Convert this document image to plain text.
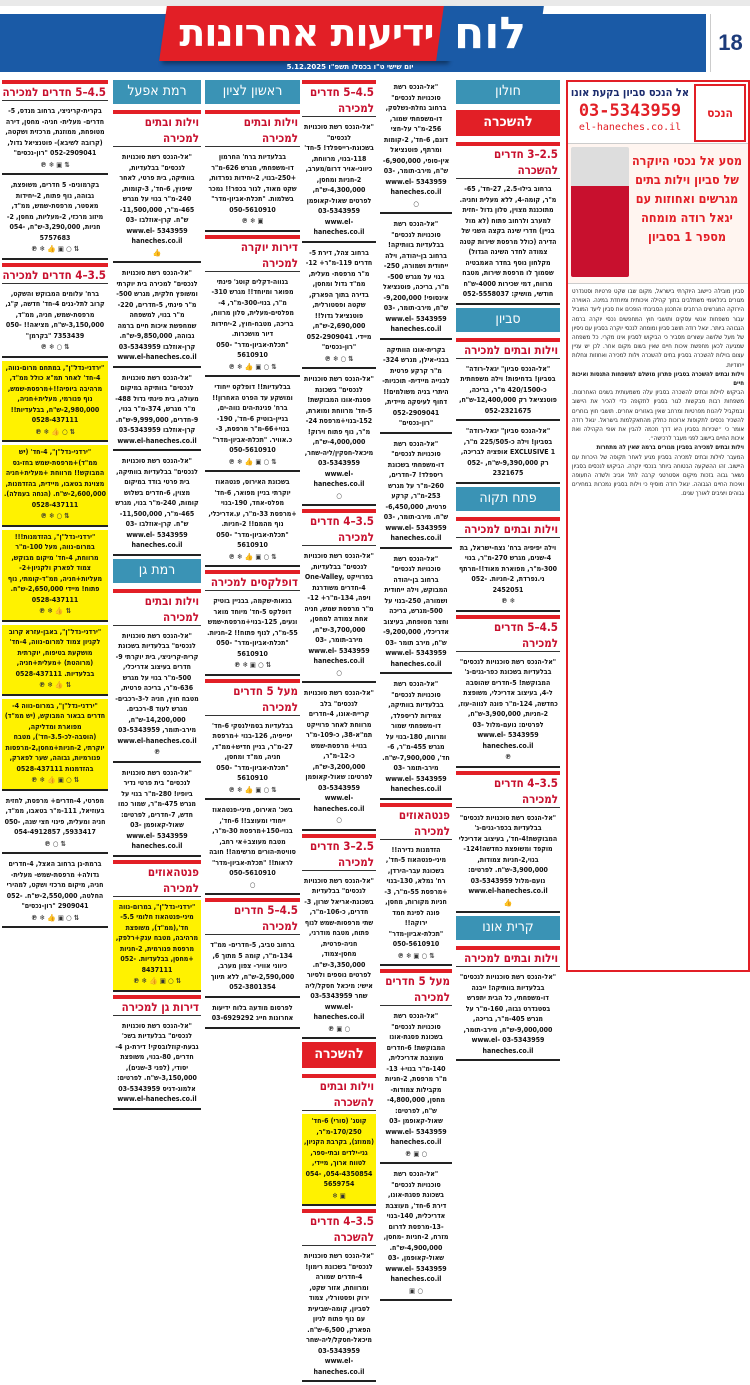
18
ידיעות אחרונות לוח
יום שישי ט"ו בכסלו תשפ"ו 5.12.2025
הנכס
אל הנכס סביון בקעת אונו
03-5343959
el-haneches.co.il
מסע אל נכסי היוקרה של סביון וילות בתים מגרשים ואחוזות עם יגאל רודה מומחה מספר 1 בסביון
סביון מובילה כיישוב היוקרתי בישראל, מקום שבו שקט פרטיות וסטנדרט מגורים בינלאומי משתלבים בתוך קהילה איכותית ומיוחדת במינה. האווירה הירוקה המגרשים הרחבים והתכנון הסביבתי הופכים את סביון ליעד המוביל עבור משפחות אנשי עסקים ותושבי חוץ המחפשים נכסי יוקרה ברמה הגבוהה ביותר. יגאל רודה תושב סביון ומומחה לנכסי יוקרה בסביון עם ניסיון של מעל שלושה עשורים מסביר כי הביקוש לסביון אינו מקרי. כל משפחה שמגיעה לכאן מחפשת איכות חיים שאין בשום מקום אחר. לכן יש עניין עצום בוילות להשכרה בסביון בתים להשכרה וילות למכירה ואחוזות ונחלות ייחודיות.
וילות ובתים להשכרה בסביון פתרון מושלם למשפחות התנסות ואיכות חיים
הביקוש לוילות ובתים להשכרה בסביון עלה משמעותית בשנים האחרונות. משפחות רבות מבקשות לגור בסביון לתקופה כדי להכיר את היישוב ובמקביל ליהנות מפרטיות ומרחב שאין באזורים אחרים. תושבי חוץ בוחרים להשכיר נכסים לתקופות ארוכות כחלק מהתאקלמות בישראל. יגאל רודה אומר כי ״שכירות בסביון היא דרך חכמה להבין את אופי הקהילה ואת איכות החיים ביישוב לפני מעבר לרכישה״.
וילות ובתים למכירה בסביון מגורים ברמה שאין לה מתחרות
המעבר לוילות ובתים למכירה בסביון מגיע לאחר תקופה של היכרות עם היישוב. זהו ההשקעה הבטוחה ביותר בנכסי יוקרה. הביקוש לנכסים בסביון נשאר גבוה בזכות מיקום אסטרטגי קרבה לתל אביב ולשדה התעופה ואיכות החיים הגבוהה. יגאל רודה מוסיף כי וילות בסביון נמכרות במחירים גבוהים ויציבים לאורך שנים.
חולון
להשכרה
2.5–3 חדרים להשכרה

ברחוב בילו-2.5, 27-חד', 65-מ"ר, קומה-4, ללא מעלית וחניה. מתוכננת מצוין, סלון גדול -חזית למערב ולרחוב פתוח (לא מול בניין) חדרי שינה בקצה השני של הדירה (כולל מרפסת שירות קטנה צמודה לחדר השינה הגדול) מקלחון נוסף בחדר האמבטיה שסמוך לו מרפסת שירות, מטבח מרווח, דמי שכירות 4000-ש"ח חודשי, מושיק: 052-5558037

סביון
וילות ובתים למכירה

"אל-הנכס סביון" יגאל-רודה" בסביון! בדחיפות! וילה משפחתית כ-420/1500 מ"ר, בריכה, פוטנציאל רק 12,400,000-ש"ח, 052-2321675

"אל-הנכס סביון" יגאל-רודה" בסביון! וילה כ-225/505 מ"ר, EXCLUSIVE 1 אופציה לבריכה, רק 9,390,000-ש"ח, 052-2321675

פתח תקוה
וילות ובתים למכירה

וילה יפיפיה ברח' נצח-ישראל, בת 4-שנים, מגרש 270-מ"ר, בנוי 300-מ"ר, מפוארת מאוד!!-מרתף ני.נפרדת, 2-חניות. 052-2452051

❄ ℗
4.5–5 חדרים למכירה

"אל-הנכס רשת סוכנויות לנכסים" בבלעדיות בשכונת כפר-גנים-ג' המבוקשת! 5-חדרים שהוסבה ל-4, בעיצוב אדריכלי, משופצת כחדשה, 124-מ"ר פונה לנווה-עוז, 2-חניות, 3,900,000-ש"ח, לפרטים: נועם-מלול 03-5343959 www.el-haneches.co.il

℗
3.5–4 חדרים למכירה

"אל-הנכס רשת סוכנויות לנכסים" בבלעדיות בכפר-גנים-ג' המבוקשת!4-חד', בעיצוב אדריכלי מוקפד ומשופצת כחדשה!124-בנוי,2-חניות צמודות, 3,900,000-ש"ח. לפרטים: נועם-מלול 03-5343959 www.el-haneches.co.il

👍
קרית אונו
וילות ובתים למכירה

"אל-הנכס רשת סוכנויות לנכסים" בבלעדיות בוותיקה! ייבנה דו-משפחתי, כל הבית יתפרש בסטנדרט גבוה, 160-מ"ר על מגרש 405-מ"ר, בריכה, 9,000,000-ש"ח, מירב-תומר, 03-5343959 www.el-haneches.co.il

"אל-הנכס רשת סוכנויות לנכסים" ברחוב נחלת-נשלסק, דו-משפחתי שמור, 256-מ"ר על-חצי דונם, 6-חד', 2-קומות ומרתף, פוטנציאל אין-סופי, 6,900,000-ש"ח, מירב-תומר, 03-5343959 www.el-haneches.co.il

○

"אל-הנכס רשת סוכנויות לנכסים" בבלעדיות בוותיקה! ברחוב בן-יהודה, וילה ייחודית ושמורה, 250-בנוי על מגרש 500-מ"ר, בריכה, פוטנציאל אינסופי! 9,200,000-ש"ח, מירב-תומר, 03-5343959 www.el-haneches.co.il

בקרית-אונו הוותיקה בבני-אילן, מגרש 324-מ"ר קרקע פרטית לבנייה מיידית- תוכניות- היתרי בניה משולמים!! דחוף לעיסקה מיידית, 052-2909041 "רון-נכסים"

"אל-הנכס רשת סוכנויות לנכסים" דו-משפחתי בשכונת ריספלד! 7-חדרים, 260-מ"ר על מגרש 253-מ"ר, קרקע פרטית, 6,450,000-ש"ח. מירב-תומר, 03-5343959 www.el-haneches.co.il

"אל-הנכס רשת סוכנויות לנכסים" ברחוב בן-יהודה המבוקש, וילה ייחודית ושמורה, 250-בנוי על 500-מגרש, בריכה וחצר מטופחת, בעיצוב אדריכלי, 9,200,000-ש"ח, מירב תומר 03-5343959 www.el-haneches.co.il

"אל-הנכס רשת סוכנויות לנכסים" בבלעדיות בוותיקה, צמידות לריספלד, דו-משפחתי שמור ומרווח, 180-בנוי על מגרש 455-מ"ר, 6-חד', 7,900,000-ש"ח. מירב-תומר 03-5343959 www.el-haneches.co.il

פנטהאוזים למכירה

הזדמנות נדירה!! מיני-פנטהאוז 5-חד', בשכונת עבר-הירדן, רח' גמלא, 130-בנוי +מרפסת 55-מ"ר, 3-חניות מקורות, מחסן, פונה לפינת חמד ירוקה!! "תכלת-אביון-מדר" 050-5610910

⇅ ○ ▣ ❄ ℗
מעל 5 חדרים למכירה

"אל-הנכס רשת סוכנויות לנכסים" בשכונת פסגת-אונו המבוקשת! 6-חדרים מעוצבת אדריכלית, 140-מ"ר בנוי+ 13-מ"ר מרפסת, 2-חניות מקבילות צמודות- מחסן, 4,800,000-ש"ח, לפרטים: שאול-קאופמן 03-5343959 www.el-haneches.co.il

○ ▣ ℗

"אל-הנכס רשת סוכנויות לנכסים" בשכונת פסגת-אונו, דירת 6-חד', מעוצבת אדריכלית, 140-בנוי -13-מרפסת לדרום מזרח, 2-חניות -מחסן, 4,900,000-ש"ח. שאול-קאופמן, 03-5343959 www.el-haneches.co.il

○ ▣
4.5–5 חדרים למכירה

"אל-הנכס רשת סוכנויות לנכסים" בשכונת-רייספלד! 5-חד' 118-בנוי, מרווחת, כיווני-אויר דרום/מערב, 2-חניות ומחסן, 4,300,000-ש"ח, לפרטים שאול-קאופמן 03-5343959 www.el-haneches.co.il

ברחוב צהל, דירת 5-חדרים 119-מ"ר+ 12-מ"ר מרפסת- מעלית, ממ"ד גדול ומחסן, בדירה בתוך הפארק, שקטה ופסטורלית, פוטנציאל גדול!! 2,690,000-ש"ח, מיידי. 052-2909041 "רון-נכסים"

⇅ ○ ❄ ℗

"אל-הנכס רשת סוכנויות לנכסים" בשכונת פסגת-אונו המבוקשת! 5-חד' מרווחת ומוארת, 152-בנוי+מרפסת 24-מ"ר, נוף פתוח וירוק! 4,000,000-ש"ח, מיכאל-חסקין/ליה-שחר, 03-5343959 www.el-haneches.co.il

○
3.5–4 חדרים למכירה

"אל-הנכס רשת סוכנויות לנכסים" בבלעדיות, בפרוייקט One-Valley, 4-חדרים משודרגת ויפה, 134-מ"ר+ 12-מ"ר מרפסת שמש, חניה אחת צמודה למחסן, 3,700,000-ש"ח, מירב-תומר, 03-5343959 www.el-haneches.co.il

○

"אל-הנכס רשת סוכנויות לנכסים" בלב קריית-אונו, 4-חדרים מרווחת לאחר פרוייקט תמ"א-38, כ-109-מ"ר בנוי+ מרפסת-שמש כ-12-מ"ר, 3,200,000-ש"ח, לפרטים: שאול-קאופמן 03-5343959 www.el-haneches.co.il

○
2.5–3 חדרים למכירה

"אל-הנכס רשת סוכנויות לנכסים" בבלעדיות בשכונת-אריאל שרון, 3-חדרים, כ-106-מ"ר, שתי מרפסות-שמש לנוף פתוח, מטבח מודרני, חניה-פרטית, מחסן-צמוד, 3,350,000-ש"ח. לפרטים נוספים ולסיור אישי: מיכאל חסקל/ליה שחר 03-5343959 www.el-haneches.co.il

○ ▣ ℗
להשכרה
וילות ובתים להשכרה

קוטג' (סורי) 6-חד' 170/250-מ"ר, (ממוזג), בקרבת הקניון, גני-ילדים ובתי-ספר, לטווח ארוך, מיידי, 054-4350854, 054-5659754

▣ ❄
3.5–4 חדרים להשכרה

"אל-הנכס רשת סוכנויות לנכסים" בשכונת רימון! 4-חדרים שמורה ומרווחת, אזור שקט, ירוק ופסטורלי, צמוד לסביון, קומה-שביעית עם נוף פתוח לניון הפארק, 6,500-ש"ח. מיכאל-חסקל/ליה-שחר 03-5343959 www.el-haneches.co.il

ראשון לציון
וילות ובתים למכירה

בבלעדיות ברח' החרמון דו-משפחתי, מגרש 626-מ"ר +250-בנוי, 2-יחידות נפרדות, שקט מאוד, לגור בכפר!! נמכר בשלמות. "תכלת-אביון-מדר" 050-5610910

▣ ❄ ℗
דירות יוקרה למכירה

בנווה-דקלים קוטג' פינתי מפואר ומיוחד!! מגרש 310-מ"ר, בנוי-300-מ"ר, 4-מפלסים-מעלית, סלון מרווח, בריכה, מטבח-חוץ, 2-יחידות דיור מושכרות. "תכלת-אביון-מדר" 050-5610910

⇅ ○ ▣ 👍 ❄ ℗

בבלעדיות!! דופלקס ייחודי ומושקע עד הפרט האחרון!! ברח' פנינת-הים נווה-ים, בניין-בוטיק 6-חד', 190-בנוי+66-מ"ר מרפסת, 3-כ.אוויר. "תכלת-אביון-מדר" 050-5610910

⇅ ○ ▣ 👍 ❄ ℗

בשכונת האירוס, פנטהאוז יוקרתי בניין מפואר, 6-חד' מפלס-אחד, 190-בנוי +מרפסת 33-מ"ר, ע.אדריכלי, נוף מהמם!! 2-חניות. "תכלת-אביון-מדר" 050-5610910

⇅ ○ ▣ 👍 ❄ ℗
דופלקסים למכירה

בנאות-שקמה, בבניין בוטיק דופלקס 5-חד' מיוחד מואר ונעים, 125-בנוי+מרפסת-שמש 55-מ"ר, לנוף פתוח!! 2-חניות. "תכלת-אביון-מדר" 050-5610910

⇅ ○ ▣ ❄ ℗
מעל 5 חדרים למכירה

בבלעדיות בסמילנסקי 6-חד' יפייפיה, 126-בנוי +מרפסת 27-מ"ר, בניין חדיש+ממ"ד, חניה, ממ"ד ומחסן, "תכלת-אביון-מדר" 050-5610910

⇅ ○ ▣ 👍 ❄ ℗

בשכ' האירוס, מיני-פנטהאוז ייחודי ומעוצב!! 6-חד', בנוי-150+מרפסת 30-מ"ר, מטבח מעוצב+אי רחב, סוויטת-הורים מרשימה!! חובה לראות!! "תכלת-אביון-מדר" 050-5610910

○
4.5–5 חדרים למכירה

ברחוב טביב, 5-חדרים- ממ"ד 134-מ"ר, קומה 5 מתוך 6, כיווני אוויר- צפון מערב, 2,590,000-ש"ח, ללא תיווך 052-3801354

לפרסום מודעה בלוח ידיעות אחרונות חייג 03-6929292

רמת אפעל
וילות ובתים למכירה

"אל-הנכס רשת סוכנויות לנכסים" בבלעדיות, בוותיקה, בית פרטי, לאחר שיפוץ, 6-חד', 3-קומות, 240-מ"ר בנוי על מגרש 465-מ"ר, 11,500,000-ש"ח. קרן-אוזלבו 03-5343959 www.el-haneches.co.il

👍

"אל-הנכס רשת סוכנויות לנכסים" למכירה בית יוקרתי ומשופץ חלקית, מגרש 500-מ"ר פינתי, 5-חדרים, 220-מ"ר בנוי, למשפחה שמחפשת איכות חיים ברמה גבוהה, 9,850,000-ש"ח. קרן-אוזלבו 03-5343959 www.el-haneches.co.il

"אל-הנכס רשת סוכנויות לנכסים" בוותיקה במיקום מעולה, בית פינתי גדול 488-מ"ר מגרש, 374-מ"ר בנוי, 9-חדרים, 9,999,000-ש"ח. קרן-אוזלבו 03-5343959 www.el-haneches.co.il

"אל-הנכס רשת סוכנויות לנכסים" בבלעדיות בוותיקה, בית פרטי בודד במיקום מצוין, 6-חדרים בשלוש קומות, 240-מ"ר בנוי, מגרש 465-מ"ר, 11,500,000-ש"ח. קרן-אוזלבו 03-5343959 www.el-haneches.co.il

רמת גן
וילות ובתים למכירה

"אל-הנכס רשת סוכנויות לנכסים" בבלעדיות בשכונת קרית-קריניצי, בית יוקרתי 9-חדרים בעיצוב אדריכלי, 500-מ"ר בנוי על מגרש 636-מ"ר, בריכה פרטית, מטבח חוץ, חניה ל-3-רכבים- מגרש לעוד 8-רכבים. 14,200,000-ש"ח, מירב-תומר, 03-5343959 www.el-haneches.co.il

℗

"אל-הנכס רשת סוכנויות לנכסים" בית פרטי נדיר ביופיו! 280-מ"ר בנוי על מגרש 475-מ"ר, שמור כמו חדש, 7-חדרים, לפרטים: שאול-קאופמן 03-5343959 www.el-haneches.co.il

פנטהאוזים למכירה

"ירדני-נדל"ן", במרום-נווה מיני-פנטהאוז חלומי 5.5-חד',(ממ"ד), משופצת מרהיבה, מטבח ענק+רלפק, מרפסת פנורמית, 2-חניות +מחסן, בבלעדיות. 052-8437111

⇅ ○ ▣ 👍 ❄ ℗
דירות גן למכירה

"אל-הנכס רשת סוכנויות לנכסים" בבלעדיות בשכ' גבעת-קוזלובסקי! דירת-גן 4-חדרים, 80-בנוי, משופצת יסודי, (לפני 3-שנים), 3,150,000-ש"ח. לפרטים: אלמוג-דניס 03-5343959 www.el-haneches.co.il

4.5–5 חדרים למכירה

בקרית-קריניצי, ברחוב מנדס, 5-חדרים- מעלית- חניה- מחסן, דירה מטופחת, ממוזגת, מרכזית ושקטה, (קרובה לשיבא)- פוטנציאל גדול, 052-2909041 "רון-נכסים"

⇅ ▣ ❄ ℗

בקרמונים- 5 חדרים, משופצת, גבוהה, נוף פתוח, 2-יחידות מאסטר, מרפסת-שמש, ממ"ד, מיזוג מרכזי, 2-מעליות, מחסן, 2-חניות, 3,290,000-ש"ח, 054-5757683

⇅ ○ ▣ 👍 ❄ ℗
3.5–4 חדרים למכירה

ברח' עלומים המבוקש והשקט, קרוב לתל-גנים 4-חד' חדשה, ק"ג, מרפסת-שמש, חניה, ממ"ד, 3,150,000-ש"ח, מציאה!! 050-7353439 "בקרמן"

⇅ ○ ❄ ℗

"ירדני-נדל"ן", במתחם מרום-נווה, 4-חד' לאחר תמ"א כולל ממ"ד, מרהיבה ביופיה!!+מרפסת-שמש, נוף פנורמי, מעלית+חניה, 2,980,000-ש"ח, בבלעדיות!! 0528-437111

⇅ ○ 👍 ❄ ℗

"ירדני-נדל"ן", 4-חד' (יש ממ"ד)+מרפסת-שמש בחז-גס המבוקש!! מרווחת +מעלית+חניה מצוינת בטאבו, מיידית, בהזדמנות, 2,600,000-ש"ח. (הנחה בעמלה). 0528-437111

⇅ ○ ❄ ℗

"ירדני-נדל"ן", בהזדמנות!!! במרום-נווה, מעל 100-מ"ר מרווחת, 4-חד' מיקום מבוקש, צמוד לפארק ולקניון+2-מעליות+חניה, ממ"ד-קומתי, נוף פתוח! מיידי 2,650,000-ש"ח. 0528-437111

⇅ 👍 ❄ ℗

"ירדני-נדל"ן", באבן-עזרא קרוב לקניון צמוד למרום-נווה, 4-חד' מושקעת בטיפוח, יוקרתית (מרוהטת) +מעלית+חניה, בבלעדיות. 0528-437111

⇅ 👍 ❄ ℗

"ירדני-נדל"ן", במרום-נווה 4-חדרים בבאור המבוקש, (יש ממ"ד) מפוארת ומדליקה, (הוסבה-לכ-3.5-חד'), מטבח יוקרתי, 2-חניות+מחסן,2-מרפסות פנורמיות, גבוהה, שער לפארק, בהזדמנות 0528-437111

⇅ ○ ▣ 👍 ❄ ℗

מפרטי, 4-חדרים+ מרפסת, לחזית בעוזיאל, 111-מ"ר בטאבו, ממ"ד, חניה ומעלית, פינוי חצי שנה, 050-5933417, 054-4912857

⇅ ○ ℗

ברמת-גן ברחוב האצל, 4-חדרים גדולה+ מרפסת-שמש- מעלית- חניה, מיקום מרכזי ושקט, למהירי החלטה, 2,550,000-ש"ח. 052-2909041 "רון-נכסים"

⇅ ○ ▣ 👍 ❄ ℗
